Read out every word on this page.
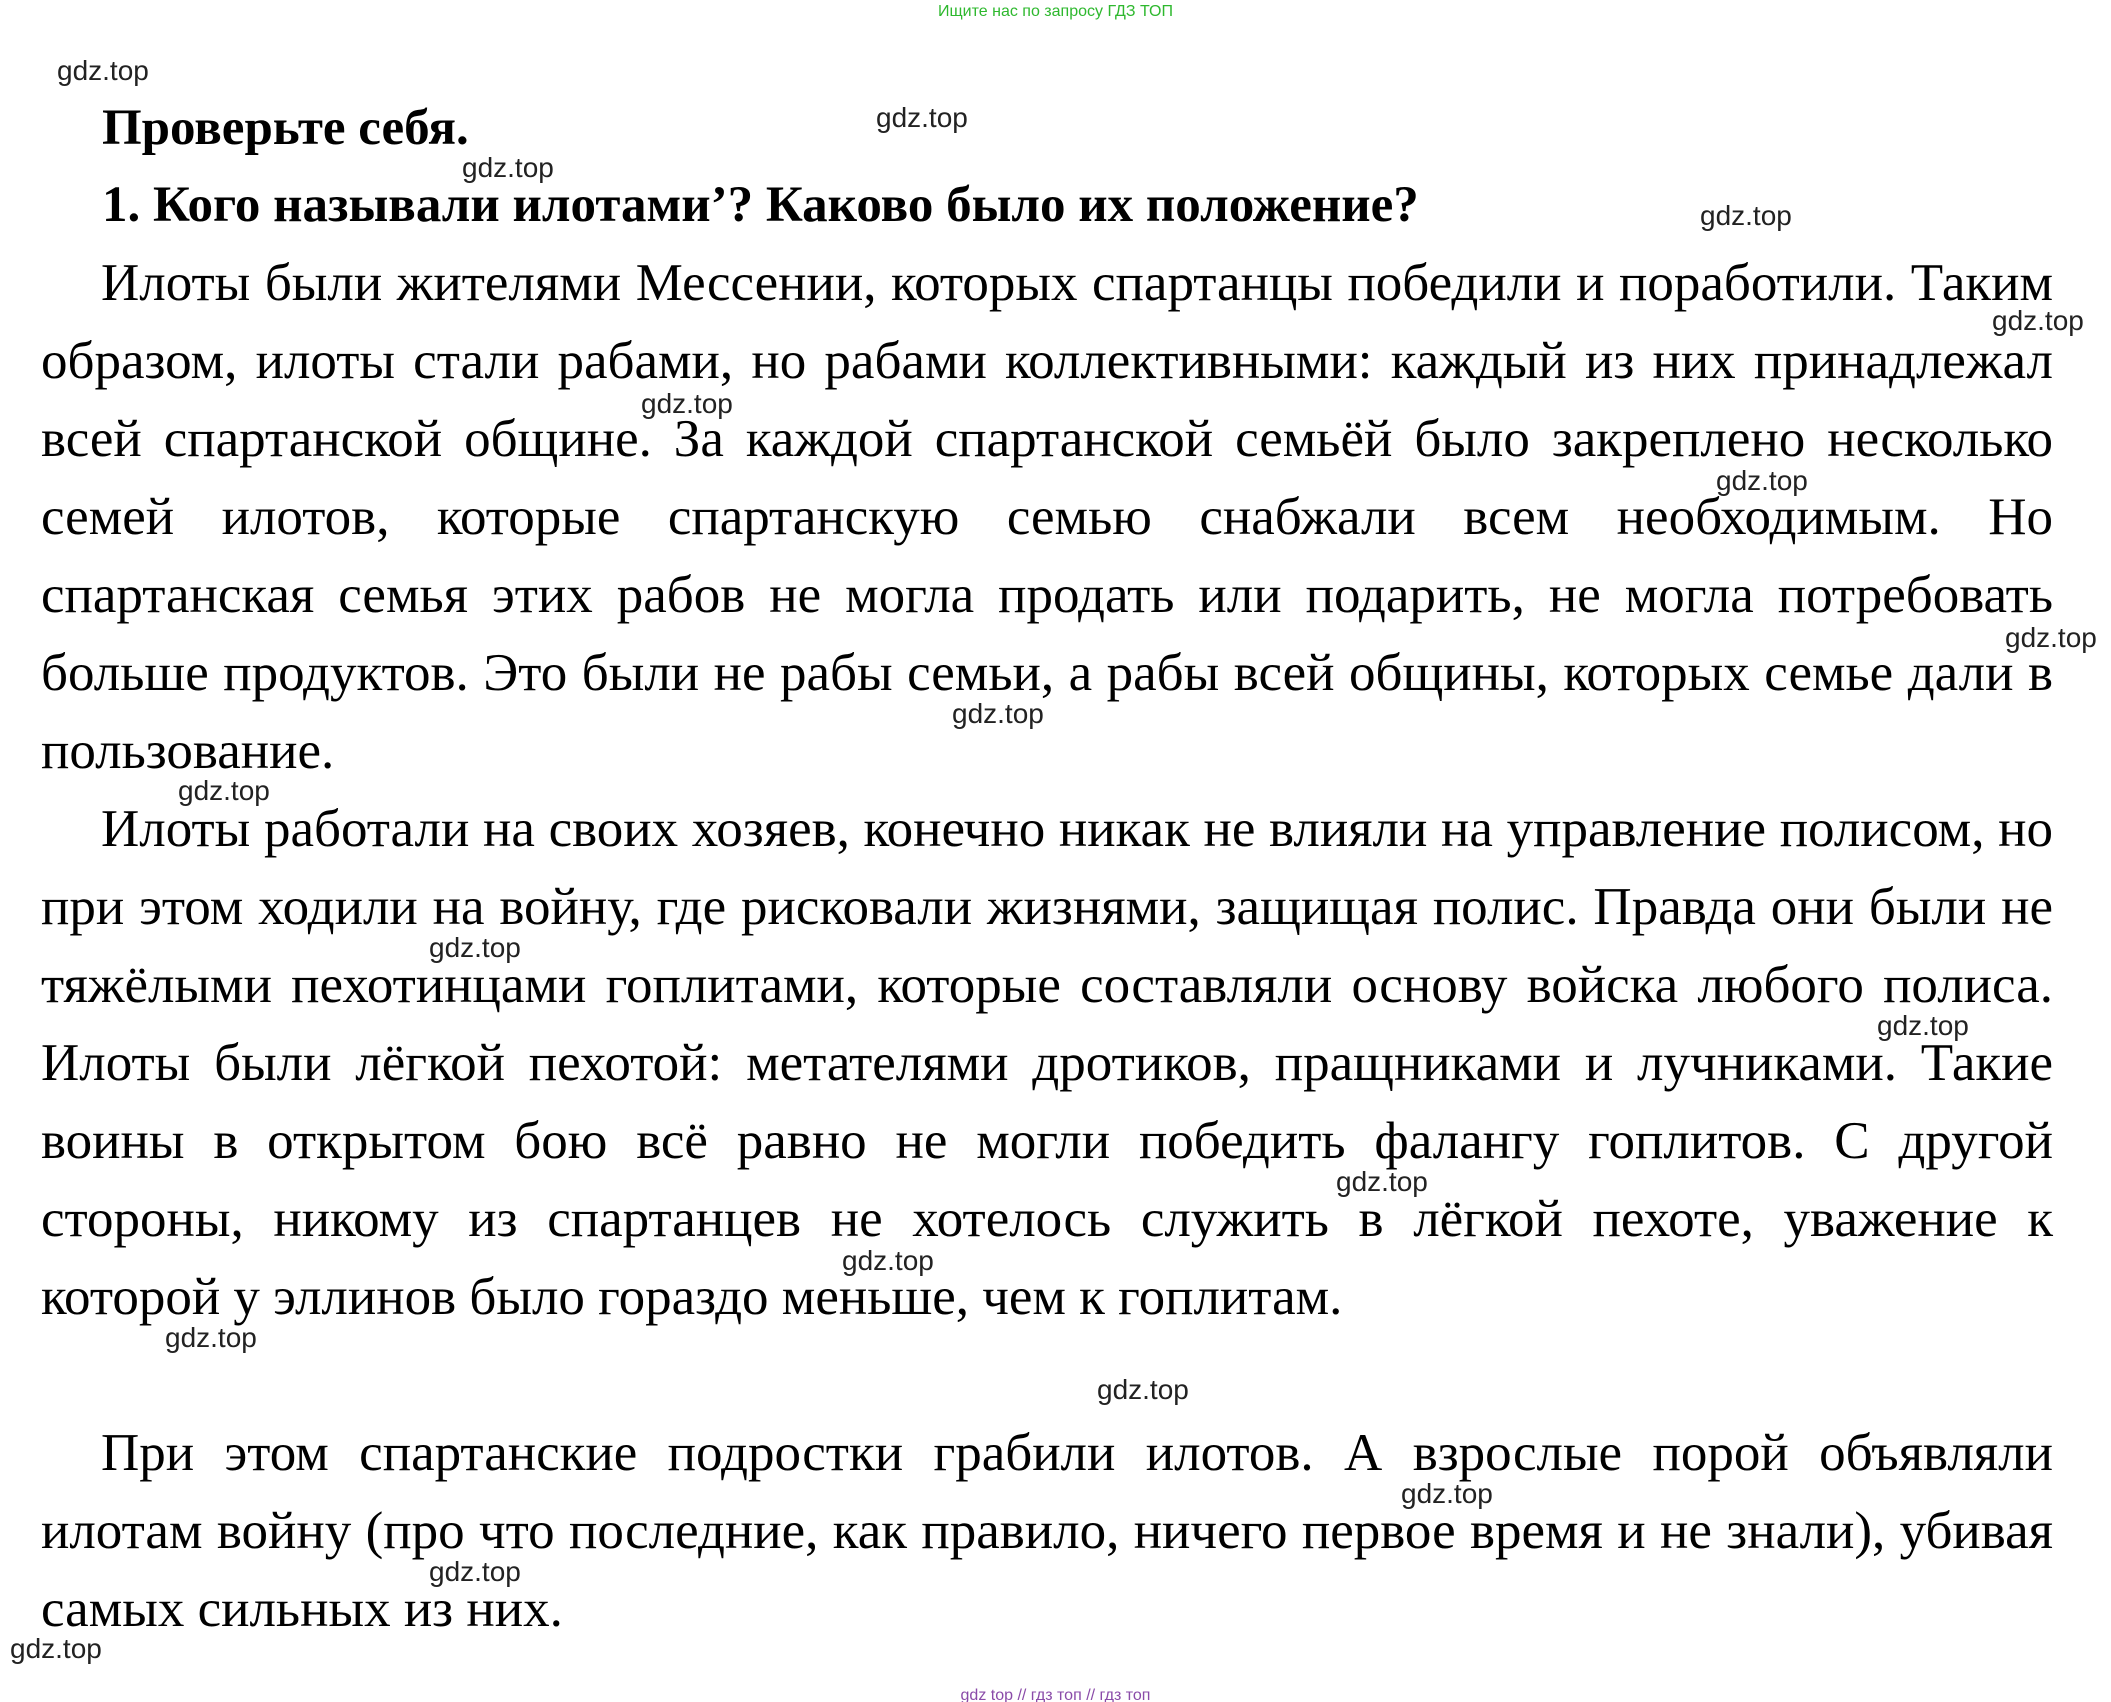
Ищите нас по запросу ГДЗ ТОП
Проверьте себя.
1. Кого называли илотами’? Каково было их положение?

Илоты были жителями Мессении, которых спартанцы победили и поработили. Таким образом, илоты стали рабами, но рабами коллективными: каждый из них принадлежал всей спартанской общине. За каждой спартанской семьёй было закреплено несколько семей илотов, которые спартанскую семью снабжали всем необходимым. Но спартанская семья этих рабов не могла продать или подарить, не могла потребовать больше продуктов. Это были не рабы семьи, а рабы всей общины, которых семье дали в пользование.

Илоты работали на своих хозяев, конечно никак не влияли на управление полисом, но при этом ходили на войну, где рисковали жизнями, защищая полис. Правда они были не тяжёлыми пехотинцами гоплитами, которые составляли основу войска любого полиса. Илоты были лёгкой пехотой: метателями дротиков, пращниками и лучниками. Такие воины в открытом бою всё равно не могли победить фалангу гоплитов. С другой стороны, никому из спартанцев не хотелось служить в лёгкой пехоте, уважение к которой у эллинов было гораздо меньше, чем к гоплитам.

При этом спартанские подростки грабили илотов. А взрослые порой объявляли илотам войну (про что последние, как правило, ничего первое время и не знали), убивая самых сильных из них.

gdz.top
gdz.top
gdz.top
gdz.top
gdz.top
gdz.top
gdz.top
gdz.top
gdz.top
gdz.top
gdz.top
gdz.top
gdz.top
gdz.top
gdz.top
gdz.top
gdz.top
gdz.top
gdz.top
gdz top // гдз топ // гдз топ
